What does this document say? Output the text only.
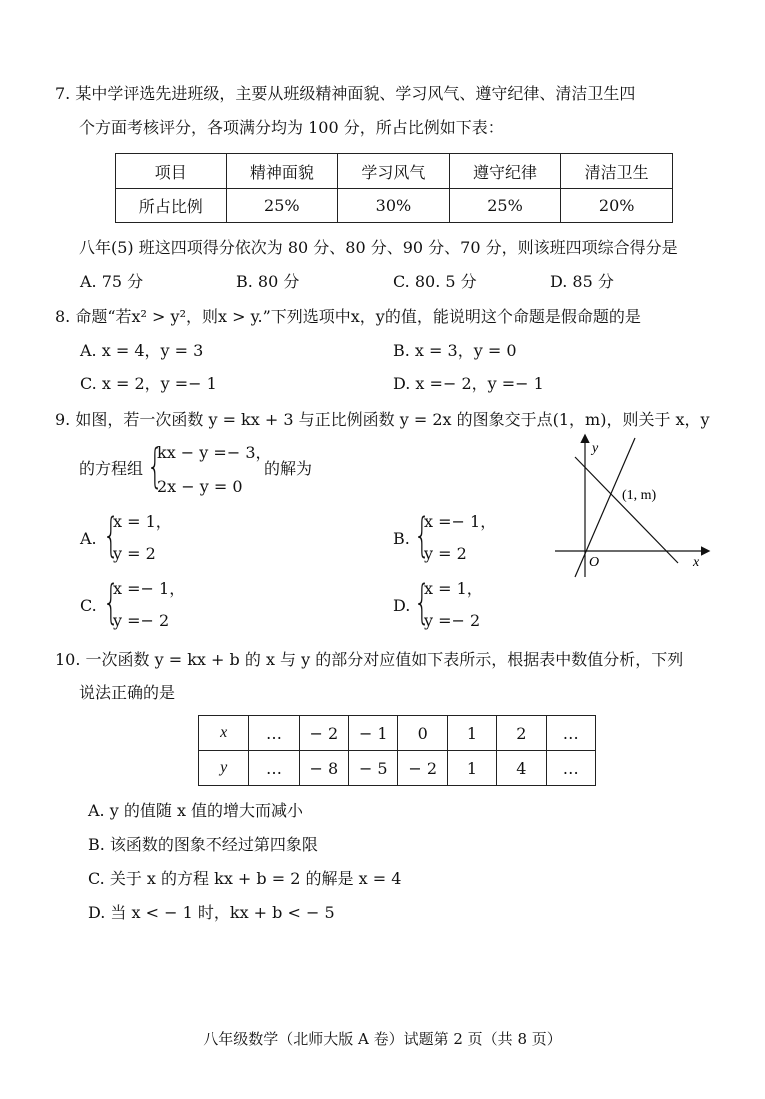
7. 某中学评选先进班级，主要从班级精神面貌、学习风气、遵守纪律、清洁卫生四
个方面考核评分，各项满分均为 100 分，所占比例如下表：
项目	精神面貌	学习风气	遵守纪律	清洁卫生
所占比例	25%	30%	25%	20%
八年(5) 班这四项得分依次为 80 分、80 分、90 分、70 分，则该班四项综合得分是
A. 75 分	B. 80 分	C. 80. 5 分	D. 85 分
8. 命题“若x² > y²，则x > y.”下列选项中x，y的值，能说明这个命题是假命题的是
A. x = 4，y = 3	B. x = 3，y = 0
C. x = 2，y =− 1	D. x =− 2，y =− 1
9. 如图，若一次函数 y = kx + 3 与正比例函数 y = 2x 的图象交于点(1，m)，则关于 x，y
的方程组 {
kx − y =− 3，
2x − y = 0
的解为
A. {
x = 1，
y = 2
B. {
x =− 1，
y = 2
C. {
x =− 1，
y =− 2
D. {
x = 1，
y =− 2
y
x
O
(1, m)
10. 一次函数 y = kx + b 的 x 与 y 的部分对应值如下表所示，根据表中数值分析，下列
说法正确的是
x	…	− 2	− 1	0	1	2	…
y	…	− 8	− 5	− 2	1	4	…
A. y 的值随 x 值的增大而减小
B. 该函数的图象不经过第四象限
C. 关于 x 的方程 kx + b = 2 的解是 x = 4
D. 当 x < − 1 时，kx + b < − 5
八年级数学（北师大版 A 卷）试题第 2 页（共 8 页）
